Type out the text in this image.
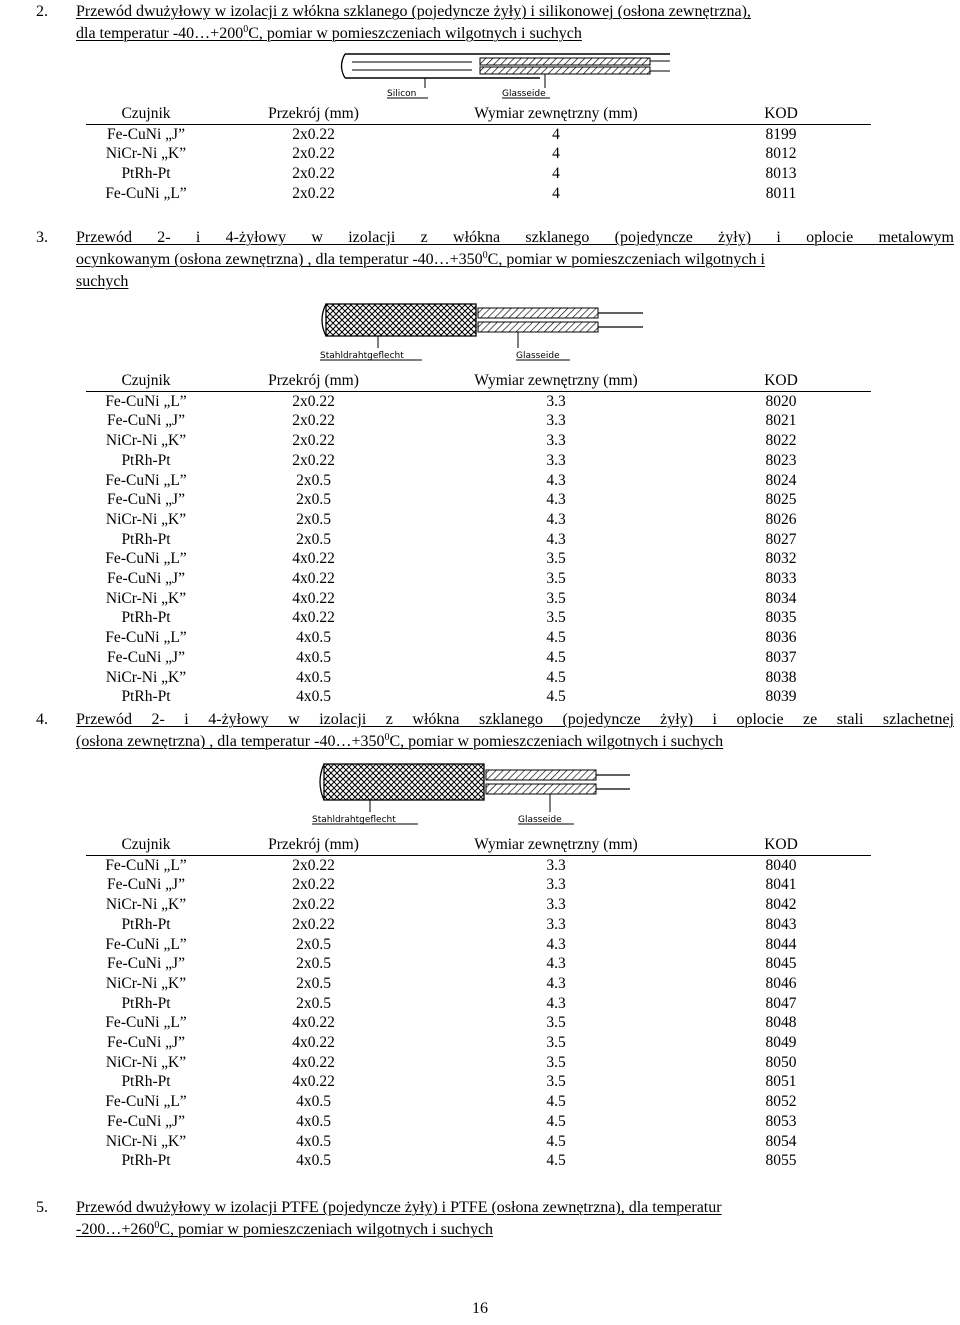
2. Przewód dwużyłowy w izolacji z włókna szklanego (pojedyncze żyły) i silikonowej (osłona zewnętrzna),
dla temperatur $-40\dots+200^0C$, pomiar w pomieszczeniach wilgotnych i suchych
Silicon	Glasseide
Czujnik	Przekrój (mm)	Wymiar zewnętrzny (mm)	KOD
Fe-CuNi „J”	2x0.22	4	8199
NiCr-Ni „K”	2x0.22	4	8012
PtRh-Pt	2x0.22	4	8013
Fe-CuNi „L”	2x0.22	4	8011
3. Przewód 2- i 4-żyłowy w izolacji z włókna szklanego (pojedyncze żyły) i oplocie metalowym
ocynkowanym (osłona zewnętrzna) , dla temperatur $-40\dots+350^0C$, pomiar w pomieszczeniach wilgotnych i
suchych
Stahldrahtgeflecht	Glasseide
Czujnik	Przekrój (mm)	Wymiar zewnętrzny (mm)	KOD
Fe-CuNi „L”	2x0.22	3.3	8020
Fe-CuNi „J”	2x0.22	3.3	8021
NiCr-Ni „K”	2x0.22	3.3	8022
PtRh-Pt	2x0.22	3.3	8023
Fe-CuNi „L”	2x0.5	4.3	8024
Fe-CuNi „J”	2x0.5	4.3	8025
NiCr-Ni „K”	2x0.5	4.3	8026
PtRh-Pt	2x0.5	4.3	8027
Fe-CuNi „L”	4x0.22	3.5	8032
Fe-CuNi „J”	4x0.22	3.5	8033
NiCr-Ni „K”	4x0.22	3.5	8034
PtRh-Pt	4x0.22	3.5	8035
Fe-CuNi „L”	4x0.5	4.5	8036
Fe-CuNi „J”	4x0.5	4.5	8037
NiCr-Ni „K”	4x0.5	4.5	8038
PtRh-Pt	4x0.5	4.5	8039
4. Przewód 2- i 4-żyłowy w izolacji z włókna szklanego (pojedyncze żyły) i oplocie ze stali szlachetnej
(osłona zewnętrzna) , dla temperatur $-40\dots+350^0C$, pomiar w pomieszczeniach wilgotnych i suchych
Stahldrahtgeflecht	Glasseide
Czujnik	Przekrój (mm)	Wymiar zewnętrzny (mm)	KOD
Fe-CuNi „L”	2x0.22	3.3	8040
Fe-CuNi „J”	2x0.22	3.3	8041
NiCr-Ni „K”	2x0.22	3.3	8042
PtRh-Pt	2x0.22	3.3	8043
Fe-CuNi „L”	2x0.5	4.3	8044
Fe-CuNi „J”	2x0.5	4.3	8045
NiCr-Ni „K”	2x0.5	4.3	8046
PtRh-Pt	2x0.5	4.3	8047
Fe-CuNi „L”	4x0.22	3.5	8048
Fe-CuNi „J”	4x0.22	3.5	8049
NiCr-Ni „K”	4x0.22	3.5	8050
PtRh-Pt	4x0.22	3.5	8051
Fe-CuNi „L”	4x0.5	4.5	8052
Fe-CuNi „J”	4x0.5	4.5	8053
NiCr-Ni „K”	4x0.5	4.5	8054
PtRh-Pt	4x0.5	4.5	8055
5. Przewód dwużyłowy w izolacji PTFE (pojedyncze żyły) i PTFE (osłona zewnętrzna), dla temperatur
$-200\dots+260^0C$, pomiar w pomieszczeniach wilgotnych i suchych
16
